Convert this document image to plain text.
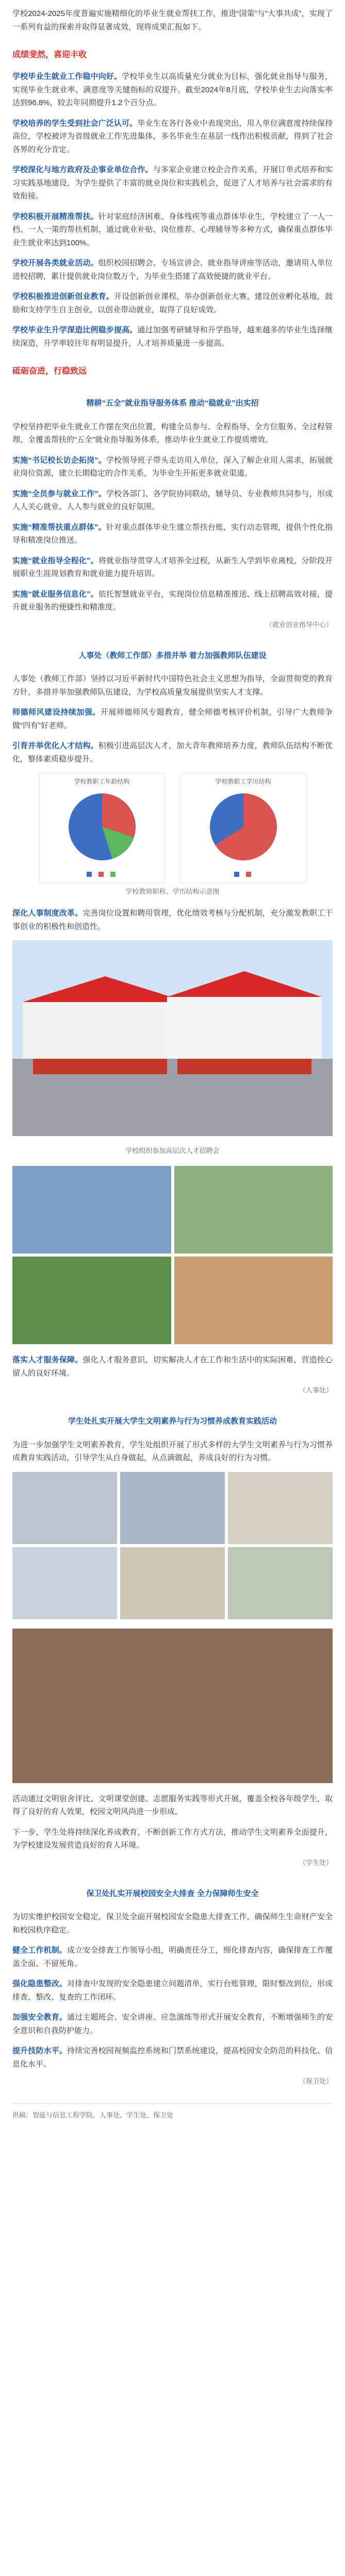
学校2024-2025年度普遍实施精细化的毕业生就业帮扶工作，推进“国策”与“大事共成”，实现了一系列有益的探索并取得显著成效，现将成果汇报如下。

成绩斐然，喜迎丰收

学校毕业生就业工作稳中向好。学校毕业生以高质量充分就业为目标，强化就业指导与服务，实现毕业生就业率、满意度等关键指标的双提升。截至2024年8月底，学校毕业生去向落实率达到96.8%，较去年同期提升1.2个百分点。

学校培养的学生受到社会广泛认可。毕业生在各行各业中表现突出，用人单位满意度持续保持高位，学校被评为省级就业工作先进集体，多名毕业生在基层一线作出积极贡献，得到了社会各界的充分肯定。

学校深化与地方政府及企事业单位合作。与多家企业建立校企合作关系，开展订单式培养和实习实践基地建设，为学生提供了丰富的就业岗位和实践机会，促进了人才培养与社会需求的有效衔接。

学校积极开展精准帮扶。针对家庭经济困难、身体残疾等重点群体毕业生，学校建立了一人一档、一人一策的帮扶机制，通过就业补贴、岗位推荐、心理辅导等多种方式，确保重点群体毕业生就业率达到100%。

学校开展各类就业活动。组织校园招聘会、专场宣讲会、就业指导讲座等活动，邀请用人单位进校招聘，累计提供就业岗位数万个，为毕业生搭建了高效便捷的就业平台。

学校积极推进创新创业教育。开设创新创业课程，举办创新创业大赛，建设创业孵化基地，鼓励和支持学生自主创业，以创业带动就业，取得了良好成效。

学校毕业生升学深造比例稳步提高。通过加强考研辅导和升学指导，越来越多的毕业生选择继续深造，升学率较往年有明显提升，人才培养质量进一步提高。

砥砺奋进，行稳致远
精耕“五全”就业指导服务体系 推动“稳就业”出实招

学校坚持把毕业生就业工作摆在突出位置，构建全员参与、全程指导、全方位服务、全过程管理、全覆盖帮扶的“五全”就业指导服务体系，推动毕业生就业工作提质增效。

实施“书记校长访企拓岗”。学校领导班子带头走访用人单位，深入了解企业用人需求，拓展就业岗位资源，建立长期稳定的合作关系，为毕业生开拓更多就业渠道。

实施“全员参与就业工作”。学校各部门、各学院协同联动，辅导员、专业教师共同参与，形成人人关心就业、人人参与就业的良好氛围。

实施“精准帮扶重点群体”。针对重点群体毕业生建立帮扶台账，实行动态管理，提供个性化指导和精准岗位推送。

实施“就业指导全程化”。将就业指导贯穿人才培养全过程，从新生入学到毕业离校，分阶段开展职业生涯规划教育和就业能力提升培训。

实施“就业服务信息化”。依托智慧就业平台，实现岗位信息精准推送、线上招聘高效对接，提升就业服务的便捷性和精准度。

（就业创业指导中心）
人事处（教师工作部）多措并举 着力加强教师队伍建设

人事处（教师工作部）坚持以习近平新时代中国特色社会主义思想为指导，全面贯彻党的教育方针，多措并举加强教师队伍建设，为学校高质量发展提供坚实人才支撑。

师德师风建设持续加强。开展师德师风专题教育，健全师德考核评价机制，引导广大教师争做“四有”好老师。

引育并举优化人才结构。积极引进高层次人才，加大青年教师培养力度，教师队伍结构不断优化，整体素质稳步提升。

学校教职工年龄结构	学校教职工学历结构
学校教师职称、学历结构示意图

深化人事制度改革。完善岗位设置和聘用管理，优化绩效考核与分配机制，充分激发教职工干事创业的积极性和创造性。

学校组织参加高层次人才招聘会

落实人才服务保障。强化人才服务意识，切实解决人才在工作和生活中的实际困难，营造拴心留人的良好环境。

（人事处）
学生处扎实开展大学生文明素养与行为习惯养成教育实践活动

为进一步加强学生文明素养教育，学生处组织开展了形式多样的大学生文明素养与行为习惯养成教育实践活动，引导学生从自身做起，从点滴做起，养成良好的行为习惯。

活动通过文明宿舍评比、文明课堂创建、志愿服务实践等形式开展，覆盖全校各年级学生，取得了良好的育人效果，校园文明风尚进一步形成。

下一步，学生处将持续深化养成教育，不断创新工作方式方法，推动学生文明素养全面提升，为学校建设发展营造良好的育人环境。

（学生处）
保卫处扎实开展校园安全大排查 全力保障师生安全

为切实维护校园安全稳定，保卫处全面开展校园安全隐患大排查工作，确保师生生命财产安全和校园秩序稳定。

健全工作机制。成立安全排查工作领导小组，明确责任分工，细化排查内容，确保排查工作覆盖全面、不留死角。

强化隐患整改。对排查中发现的安全隐患建立问题清单，实行台账管理，限时整改到位，形成排查、整改、复查的工作闭环。

加强安全教育。通过主题班会、安全讲座、应急演练等形式开展安全教育，不断增强师生的安全意识和自我防护能力。

提升技防水平。持续完善校园视频监控系统和门禁系统建设，提高校园安全防范的科技化、信息化水平。

（保卫处）
供稿：智能与信息工程学院、人事处、学生处、保卫处
